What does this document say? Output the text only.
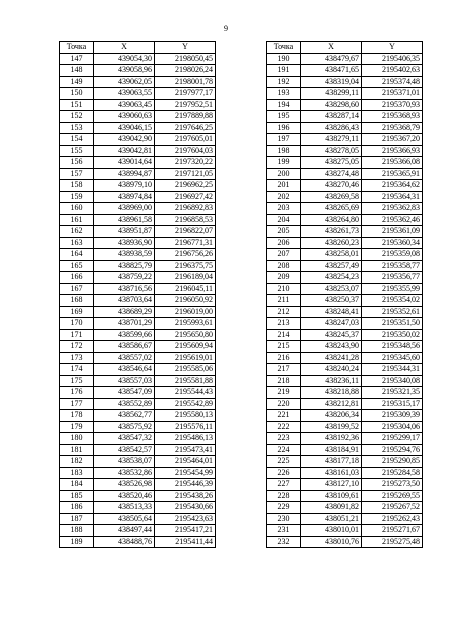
9
Точка	X	Y
147	439054,30	2198050,45
148	439058,96	2198026,24
149	439062,05	2198001,78
150	439063,55	2197977,17
151	439063,45	2197952,51
152	439060,63	2197889,88
153	439046,15	2197646,25
154	439042,90	2197605,01
155	439042,81	2197604,03
156	439014,64	2197320,22
157	438994,87	2197121,05
158	438979,10	2196962,25
159	438974,84	2196927,42
160	438969,00	2196892,83
161	438961,58	2196858,53
162	438951,87	2196822,07
163	438936,90	2196771,31
164	438938,59	2196756,26
165	438825,79	2196375,75
166	438759,22	2196189,04
167	438716,56	2196045,11
168	438703,64	2196050,92
169	438689,29	2196019,00
170	438701,29	2195993,61
171	438599,66	2195650,80
172	438586,67	2195609,94
173	438557,02	2195619,01
174	438546,64	2195585,06
175	438557,03	2195581,88
176	438547,09	2195544,43
177	438552,89	2195542,89
178	438562,77	2195580,13
179	438575,92	2195576,11
180	438547,32	2195486,13
181	438542,57	2195473,41
182	438538,07	2195464,01
183	438532,86	2195454,99
184	438526,98	2195446,39
185	438520,46	2195438,26
186	438513,33	2195430,66
187	438505,64	2195423,63
188	438497,44	2195417,21
189	438488,76	2195411,44
Точка	X	Y
190	438479,67	2195406,35
191	438471,65	2195402,63
192	438319,04	2195374,48
193	438299,11	2195371,01
194	438298,60	2195370,93
195	438287,14	2195368,93
196	438286,43	2195368,79
197	438279,11	2195367,20
198	438278,05	2195366,93
199	438275,05	2195366,08
200	438274,48	2195365,91
201	438270,46	2195364,62
202	438269,58	2195364,31
203	438265,69	2195362,83
204	438264,80	2195362,46
205	438261,73	2195361,09
206	438260,23	2195360,34
207	438258,01	2195359,08
208	438257,49	2195358,77
209	438254,23	2195356,77
210	438253,07	2195355,99
211	438250,37	2195354,02
212	438248,41	2195352,61
213	438247,03	2195351,50
214	438245,37	2195350,02
215	438243,90	2195348,56
216	438241,28	2195345,60
217	438240,24	2195344,31
218	438236,11	2195340,08
219	438218,88	2195321,35
220	438212,81	2195315,17
221	438206,34	2195309,39
222	438199,52	2195304,06
223	438192,36	2195299,17
224	438184,91	2195294,76
225	438177,18	2195290,85
226	438161,03	2195284,58
227	438127,10	2195273,50
228	438109,61	2195269,55
229	438091,82	2195267,52
230	438051,21	2195262,43
231	438010,01	2195271,67
232	438010,76	2195275,48
